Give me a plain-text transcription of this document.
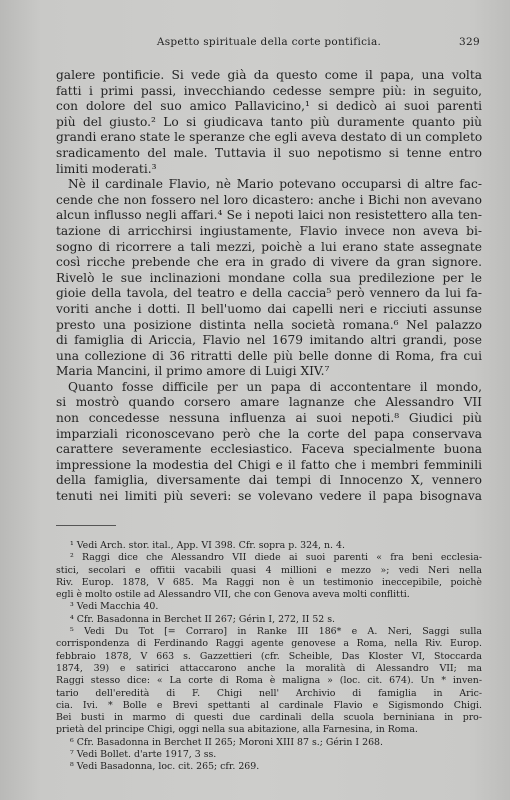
Aspetto spirituale della corte pontificia.	329
galere pontificie. Si vede già da questo come il papa, una volta
fatti i primi passi, invecchiando cedesse sempre più: in seguito,
con dolore del suo amico Pallavicino,¹ si dedicò ai suoi parenti
più del giusto.² Lo si giudicava tanto più duramente quanto più
grandi erano state le speranze che egli aveva destato di un completo
sradicamento del male. Tuttavia il suo nepotismo si tenne entro
limiti moderati.³
Nè il cardinale Flavio, nè Mario potevano occuparsi di altre fac-
cende che non fossero nel loro dicastero: anche i Bichi non avevano
alcun influsso negli affari.⁴ Se i nepoti laici non resistettero alla ten-
tazione di arricchirsi ingiustamente, Flavio invece non aveva bi-
sogno di ricorrere a tali mezzi, poichè a lui erano state assegnate
così ricche prebende che era in grado di vivere da gran signore.
Rivelò le sue inclinazioni mondane colla sua predilezione per le
gioie della tavola, del teatro e della caccia⁵ però vennero da lui fa-
voriti anche i dotti. Il bell'uomo dai capelli neri e ricciuti assunse
presto una posizione distinta nella società romana.⁶ Nel palazzo
di famiglia di Ariccia, Flavio nel 1679 imitando altri grandi, pose
una collezione di 36 ritratti delle più belle donne di Roma, fra cui
Maria Mancini, il primo amore di Luigi XIV.⁷
Quanto fosse difficile per un papa di accontentare il mondo,
si mostrò quando corsero amare lagnanze che Alessandro VII
non concedesse nessuna influenza ai suoi nepoti.⁸ Giudici più
imparziali riconoscevano però che la corte del papa conservava
carattere severamente ecclesiastico. Faceva specialmente buona
impressione la modestia del Chigi e il fatto che i membri femminili
della famiglia, diversamente dai tempi di Innocenzo X, vennero
tenuti nei limiti più severi: se volevano vedere il papa bisognava
¹ Vedi Arch. stor. ital., App. VI 398. Cfr. sopra p. 324, n. 4.
² Raggi dice che Alessandro VII diede ai suoi parenti « fra beni ecclesia-
stici, secolari e offitii vacabili quasi 4 millioni e mezzo »; vedi Neri nella
Riv. Europ. 1878, V 685. Ma Raggi non è un testimonio ineccepibile, poichè
egli è molto ostile ad Alessandro VII, che con Genova aveva molti conflitti.
³ Vedi Macchia 40.
⁴ Cfr. Basadonna in Berchet II 267; Gérin I, 272, II 52 s.
⁵ Vedi Du Tot [= Corraro] in Ranke III 186* e A. Neri, Saggi sulla
corrispondenza di Ferdinando Raggi agente genovese a Roma, nella Riv. Europ.
febbraio 1878, V 663 s. Gazzettieri (cfr. Scheible, Das Kloster VI, Stoccarda
1874, 39) e satirici attaccarono anche la moralità di Alessandro VII; ma
Raggi stesso dice: « La corte di Roma è maligna » (loc. cit. 674). Un * inven-
tario dell'eredità di F. Chigi nell' Archivio di famiglia in Aric-
cia. Ivi. * Bolle e Brevi spettanti al cardinale Flavio e Sigismondo Chigi.
Bei busti in marmo di questi due cardinali della scuola berniniana in pro-
prietà del principe Chigi, oggi nella sua abitazione, alla Farnesina, in Roma.
⁶ Cfr. Basadonna in Berchet II 265; Moroni XIII 87 s.; Gérin I 268.
⁷ Vedi Bollet. d'arte 1917, 3 ss.
⁸ Vedi Basadonna, loc. cit. 265; cfr. 269.
